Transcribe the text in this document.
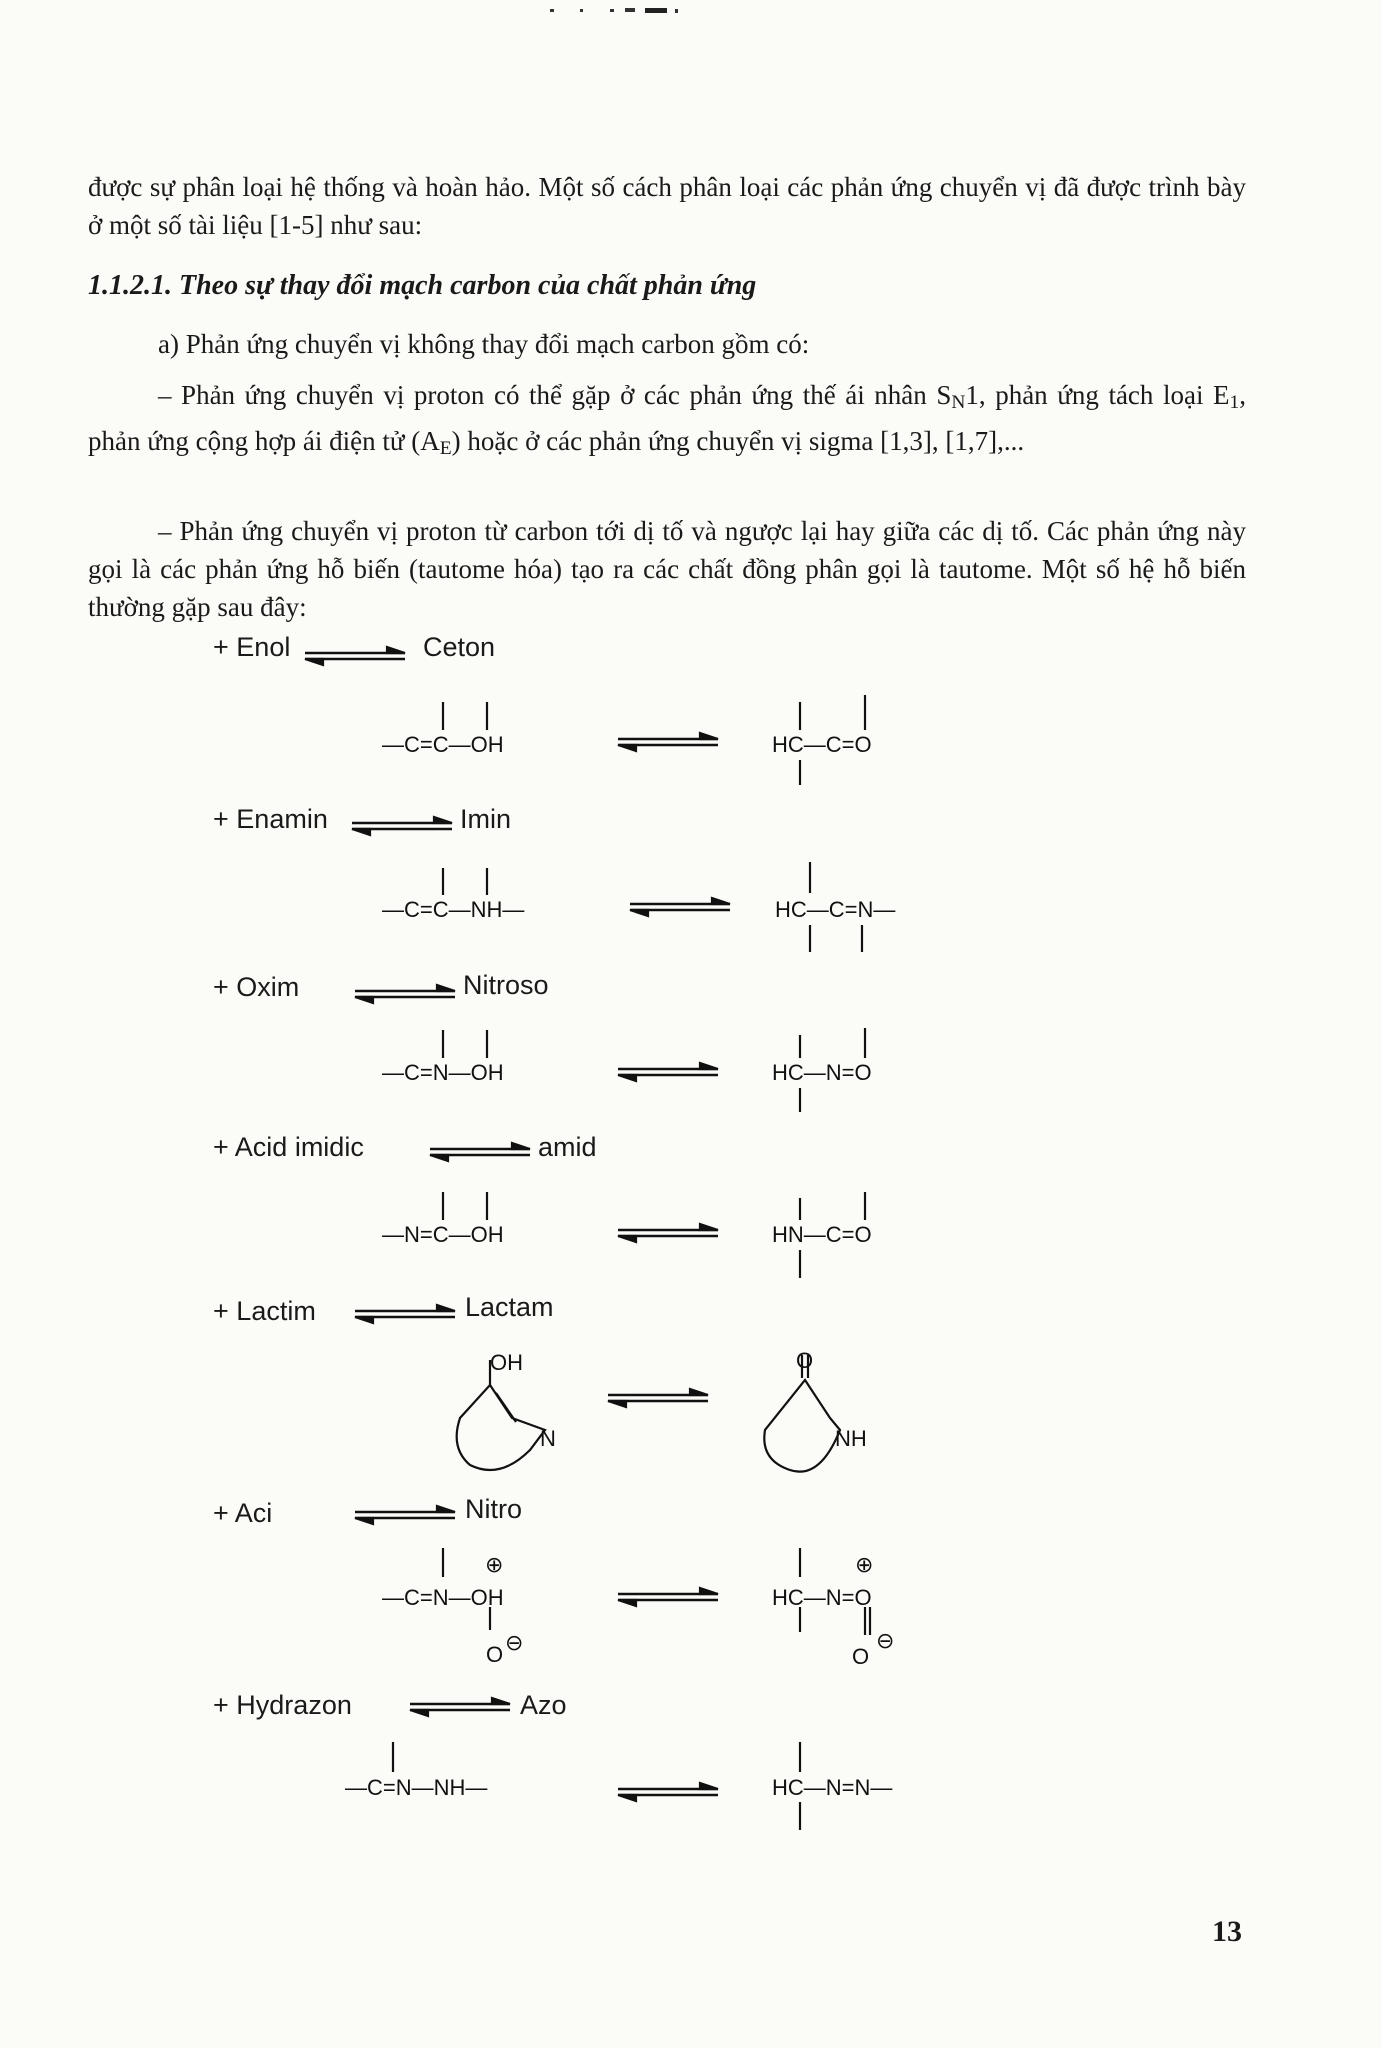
được sự phân loại hệ thống và hoàn hảo. Một số cách phân loại các phản ứng chuyển vị đã được trình bày ở một số tài liệu [1-5] như sau:
1.1.2.1. Theo sự thay đổi mạch carbon của chất phản ứng
a) Phản ứng chuyển vị không thay đổi mạch carbon gồm có:
– Phản ứng chuyển vị proton có thể gặp ở các phản ứng thế ái nhân SN1, phản ứng tách loại E1, phản ứng cộng hợp ái điện tử (AE) hoặc ở các phản ứng chuyển vị sigma [1,3], [1,7],...
– Phản ứng chuyển vị proton từ carbon tới dị tố và ngược lại hay giữa các dị tố. Các phản ứng này gọi là các phản ứng hỗ biến (tautome hóa) tạo ra các chất đồng phân gọi là tautome. Một số hệ hỗ biến thường gặp sau đây:
+ Enol	Ceton
+ Enamin	Imin
+ Oxim	Nitroso
+ Acid imidic	amid
+ Lactim	Lactam
+ Aci	Nitro
+ Hydrazon	Azo
—C=C—OH	HC—C=O
—C=C—NH—	HC—C=N—
—C=N—OH	HC—N=O
—N=C—OH	HN—C=O
OH
N
O
NH
—C=N—OH	HC—N=O
⊕	⊕
O ⊖
O
⊖
—C=N—NH—	HC—N=N—
13
